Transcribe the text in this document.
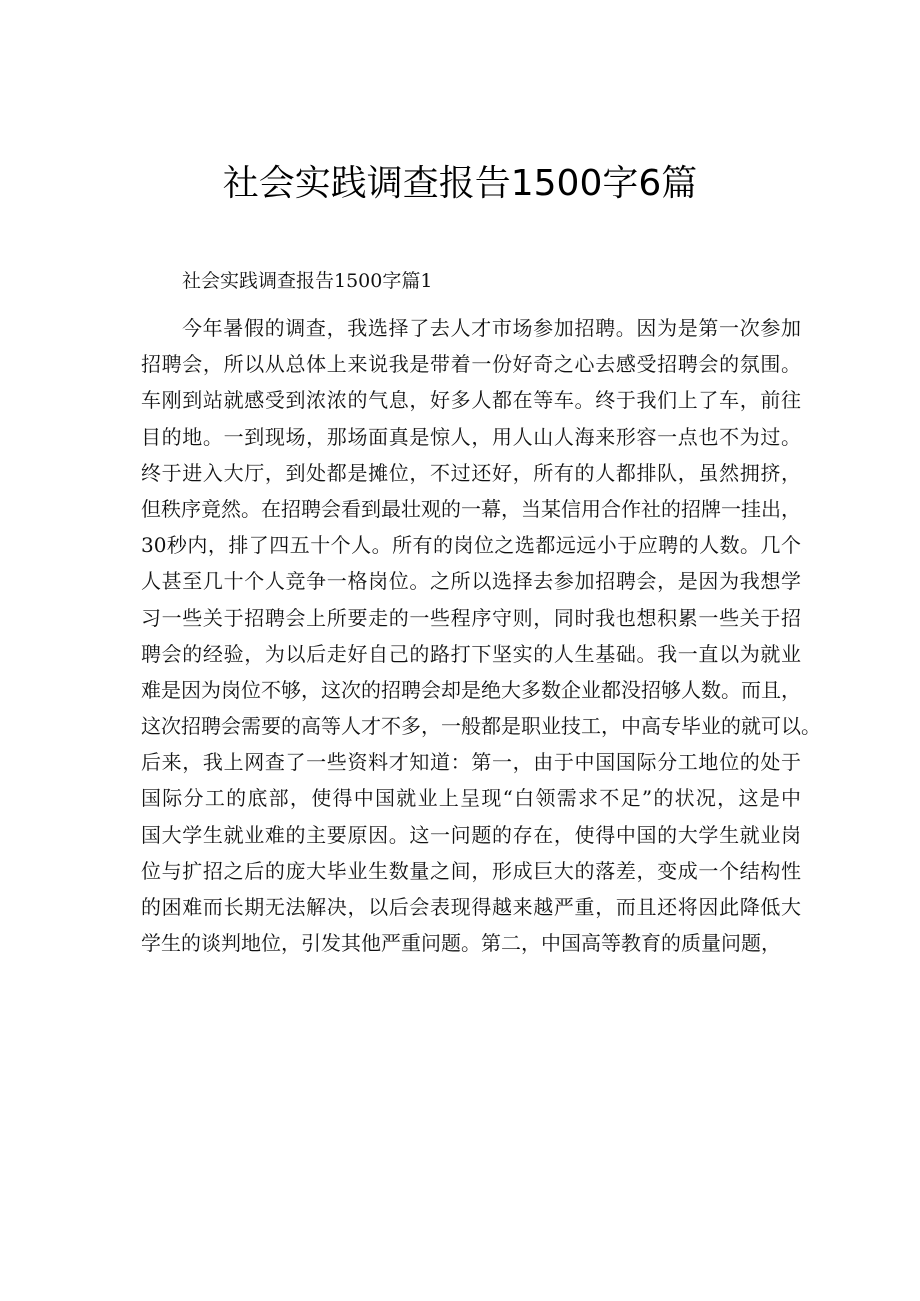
社会实践调查报告1500字6篇
社会实践调查报告1500字篇1
今年暑假的调查，我选择了去人才市场参加招聘。因为是第一次参加
招聘会，所以从总体上来说我是带着一份好奇之心去感受招聘会的氛围。
车刚到站就感受到浓浓的气息，好多人都在等车。终于我们上了车，前往
目的地。一到现场，那场面真是惊人，用人山人海来形容一点也不为过。
终于进入大厅，到处都是摊位，不过还好，所有的人都排队，虽然拥挤，
但秩序竟然。在招聘会看到最壮观的一幕，当某信用合作社的招牌一挂出，
30秒内，排了四五十个人。所有的岗位之选都远远小于应聘的人数。几个
人甚至几十个人竞争一格岗位。之所以选择去参加招聘会，是因为我想学
习一些关于招聘会上所要走的一些程序守则，同时我也想积累一些关于招
聘会的经验，为以后走好自己的路打下坚实的人生基础。我一直以为就业
难是因为岗位不够，这次的招聘会却是绝大多数企业都没招够人数。而且，
这次招聘会需要的高等人才不多，一般都是职业技工，中高专毕业的就可以。
后来，我上网查了一些资料才知道：第一，由于中国国际分工地位的处于
国际分工的底部，使得中国就业上呈现“白领需求不足”的状况，这是中
国大学生就业难的主要原因。这一问题的存在，使得中国的大学生就业岗
位与扩招之后的庞大毕业生数量之间，形成巨大的落差，变成一个结构性
的困难而长期无法解决，以后会表现得越来越严重，而且还将因此降低大
学生的谈判地位，引发其他严重问题。第二，中国高等教育的质量问题，
